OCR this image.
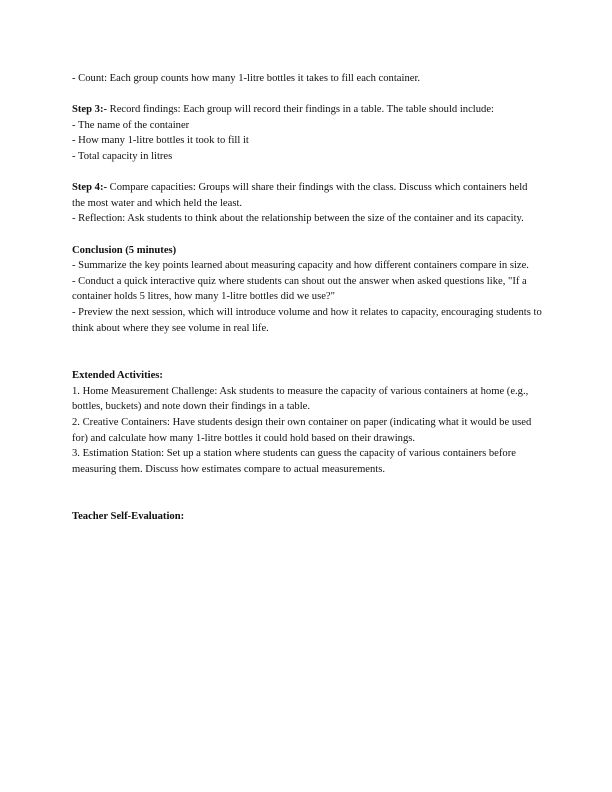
- Count: Each group counts how many 1-litre bottles it takes to fill each container.

Step 3:- Record findings: Each group will record their findings in a table. The table should include:

- The name of the container

- How many 1-litre bottles it took to fill it

- Total capacity in litres

Step 4:- Compare capacities: Groups will share their findings with the class. Discuss which containers held the most water and which held the least.

- Reflection: Ask students to think about the relationship between the size of the container and its capacity.

Conclusion (5 minutes)

- Summarize the key points learned about measuring capacity and how different containers compare in size.

- Conduct a quick interactive quiz where students can shout out the answer when asked questions like, "If a container holds 5 litres, how many 1-litre bottles did we use?"

- Preview the next session, which will introduce volume and how it relates to capacity, encouraging students to think about where they see volume in real life.

Extended Activities:

1. Home Measurement Challenge: Ask students to measure the capacity of various containers at home (e.g., bottles, buckets) and note down their findings in a table.

2. Creative Containers: Have students design their own container on paper (indicating what it would be used for) and calculate how many 1-litre bottles it could hold based on their drawings.

3. Estimation Station: Set up a station where students can guess the capacity of various containers before measuring them. Discuss how estimates compare to actual measurements.

Teacher Self-Evaluation:
